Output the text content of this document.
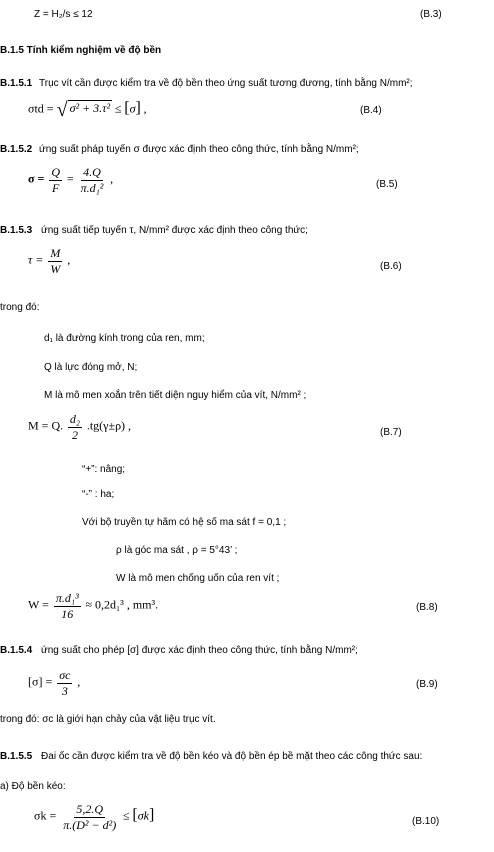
Z = H₂/s ≤ 12	(B.3)
B.1.5 Tính kiểm nghiệm về độ bền
B.1.5.1 Trục vít cần được kiểm tra về độ bền theo ứng suất tương đương, tính bằng N/mm²;
σtd = √ σ² + 3.τ² ≤ [σ] ,	(B.4)
B.1.5.2 ứng suất pháp tuyến σ được xác định theo công thức, tính bằng N/mm²;
$\sigma = \frac{Q}{F} = \frac{4.Q}{\text{π.d₁²}}$ ,	(B.5)
B.1.5.3 ứng suất tiếp tuyến τ, N/mm² được xác định theo công thức;
$\tau = \frac{M}{W}$ ,	(B.6)
trong đó:
d₁ là đường kính trong của ren, mm;
Q là lực đóng mở, N;
M là mô men xoắn trên tiết diện nguy hiểm của vít, N/mm² ;
M = Q. $\frac{\text{d₂}}{2} .tg(\gamma\pm\rho)$ ,	(B.7)
“+”: nâng;
“-” : ha;
Với bộ truyền tự hãm có hệ số ma sát f = 0,1 ;
ρ là góc ma sát , ρ = 5°43’ ;
W là mô men chống uốn của ren vít ;
$W = \frac{\text{π.d₁³}}{16} \approx 0,2d_1^3$ , mm³.	(B.8)
B.1.5.4 ứng suất cho phép [σ] được xác định theo công thức, tính bằng N/mm²;
$[\sigma] = \frac{\sigma c}{3}$ ,	(B.9)
trong đó: σc là giới hạn chảy của vật liệu trục vít.
B.1.5.5 Đai ốc cần được kiểm tra về độ bền kéo và độ bền ép bề mặt theo các công thức sau:
a) Độ bền kéo:
$\sigma k = \frac{5,2.Q}{\text{π.(D² − d²)}} \le [\sigma k]$	(B.10)
